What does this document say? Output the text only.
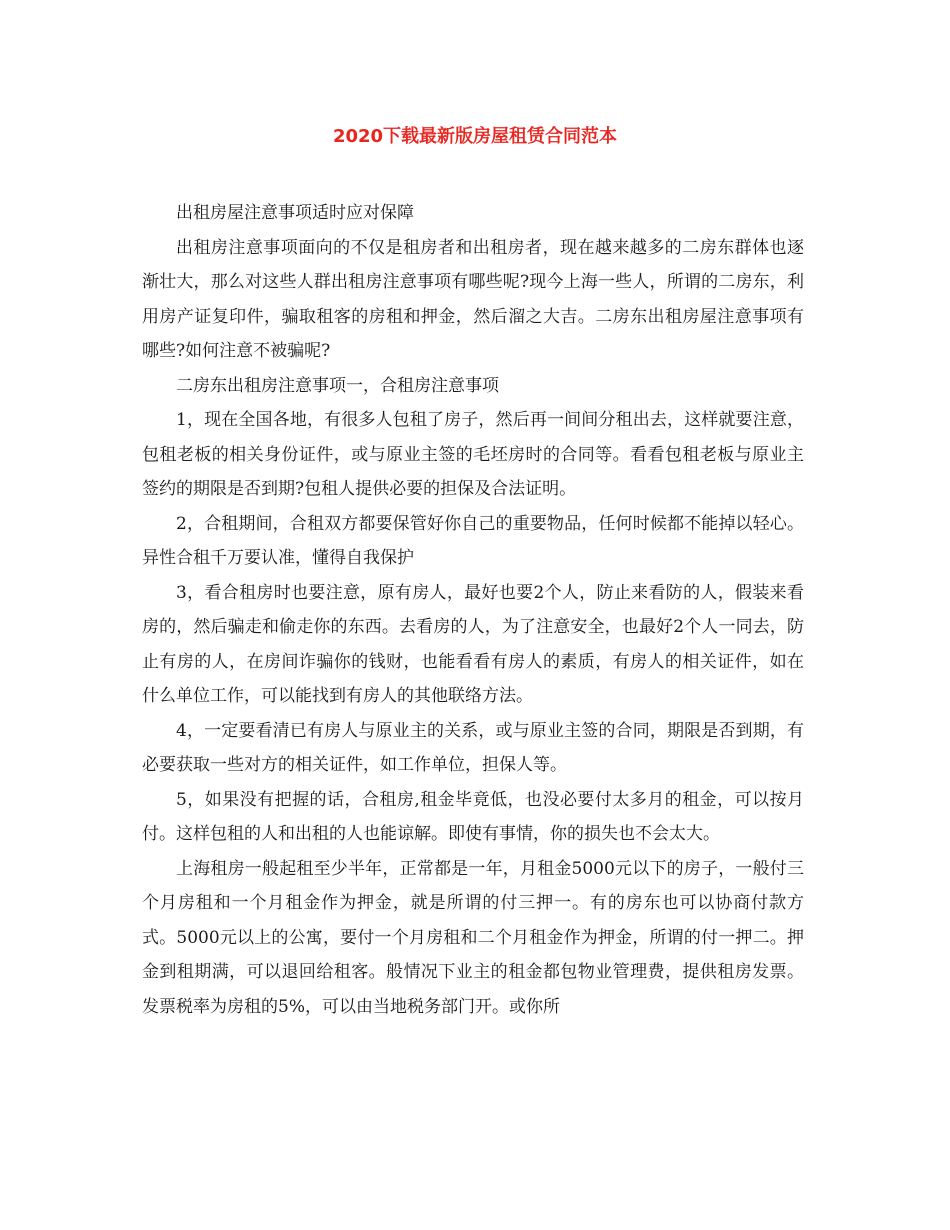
2020下载最新版房屋租赁合同范本

出租房屋注意事项适时应对保障

出租房注意事项面向的不仅是租房者和出租房者，现在越来越多的二房东群体也逐渐壮大，那么对这些人群出租房注意事项有哪些呢?现今上海一些人，所谓的二房东，利用房产证复印件，骗取租客的房租和押金，然后溜之大吉。二房东出租房屋注意事项有哪些?如何注意不被骗呢?

二房东出租房注意事项一，合租房注意事项

1，现在全国各地，有很多人包租了房子，然后再一间间分租出去，这样就要注意，包租老板的相关身份证件，或与原业主签的毛坯房时的合同等。看看包租老板与原业主签约的期限是否到期?包租人提供必要的担保及合法证明。

2，合租期间，合租双方都要保管好你自己的重要物品，任何时候都不能掉以轻心。异性合租千万要认准，懂得自我保护

3，看合租房时也要注意，原有房人，最好也要2个人，防止来看防的人，假装来看房的，然后骗走和偷走你的东西。去看房的人，为了注意安全，也最好2个人一同去，防止有房的人，在房间诈骗你的钱财，也能看看有房人的素质，有房人的相关证件，如在什么单位工作，可以能找到有房人的其他联络方法。

4，一定要看清已有房人与原业主的关系，或与原业主签的合同，期限是否到期，有必要获取一些对方的相关证件，如工作单位，担保人等。

5，如果没有把握的话，合租房,租金毕竟低，也没必要付太多月的租金，可以按月付。这样包租的人和出租的人也能谅解。即使有事情，你的损失也不会太大。

上海租房一般起租至少半年，正常都是一年，月租金5000元以下的房子，一般付三个月房租和一个月租金作为押金，就是所谓的付三押一。有的房东也可以协商付款方式。5000元以上的公寓，要付一个月房租和二个月租金作为押金，所谓的付一押二。押金到租期满，可以退回给租客。般情况下业主的租金都包物业管理费，提供租房发票。发票税率为房租的5%，可以由当地税务部门开。或你所
